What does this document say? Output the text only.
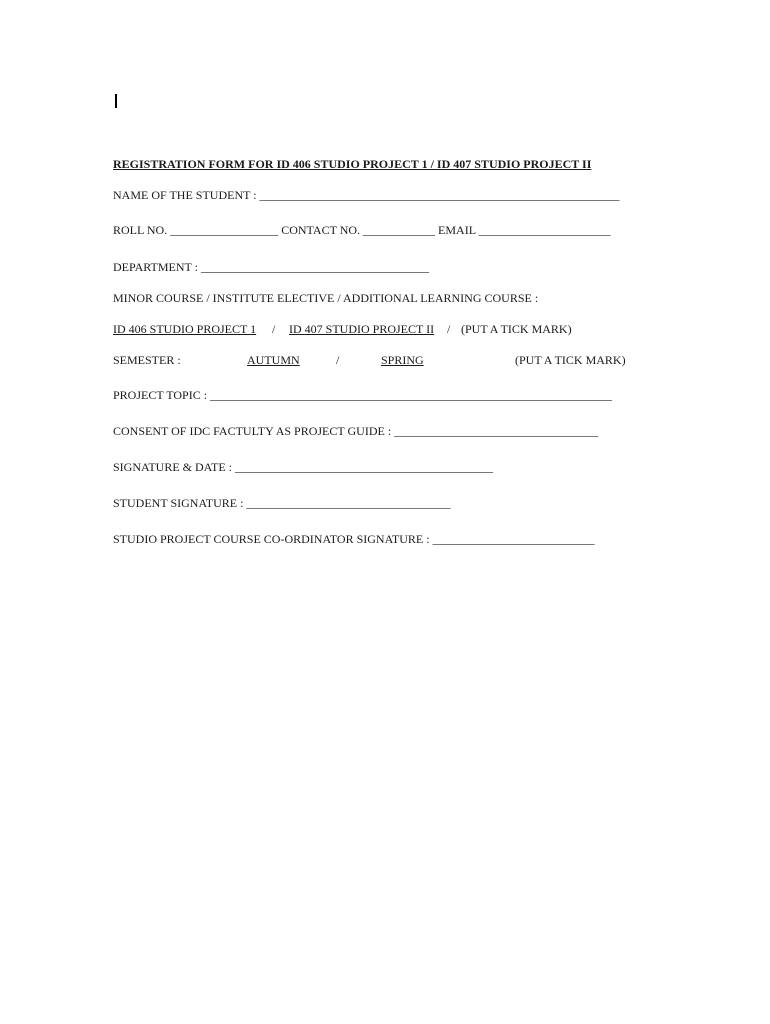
REGISTRATION FORM FOR ID 406 STUDIO PROJECT 1 / ID 407 STUDIO PROJECT II
NAME OF THE STUDENT : ____________________________________________________________
ROLL NO. __________________ CONTACT NO. ____________ EMAIL ______________________
DEPARTMENT : ______________________________________
MINOR COURSE / INSTITUTE ELECTIVE / ADDITIONAL LEARNING COURSE :
ID 406 STUDIO PROJECT 1 / ID 407 STUDIO PROJECT II / (PUT A TICK MARK)
SEMESTER :	AUTUMN	/	SPRING	(PUT A TICK MARK)
PROJECT TOPIC : ___________________________________________________________________
CONSENT OF IDC FACTULTY AS PROJECT GUIDE : __________________________________
SIGNATURE & DATE : ___________________________________________
STUDENT SIGNATURE : __________________________________
STUDIO PROJECT COURSE CO-ORDINATOR SIGNATURE : ___________________________
